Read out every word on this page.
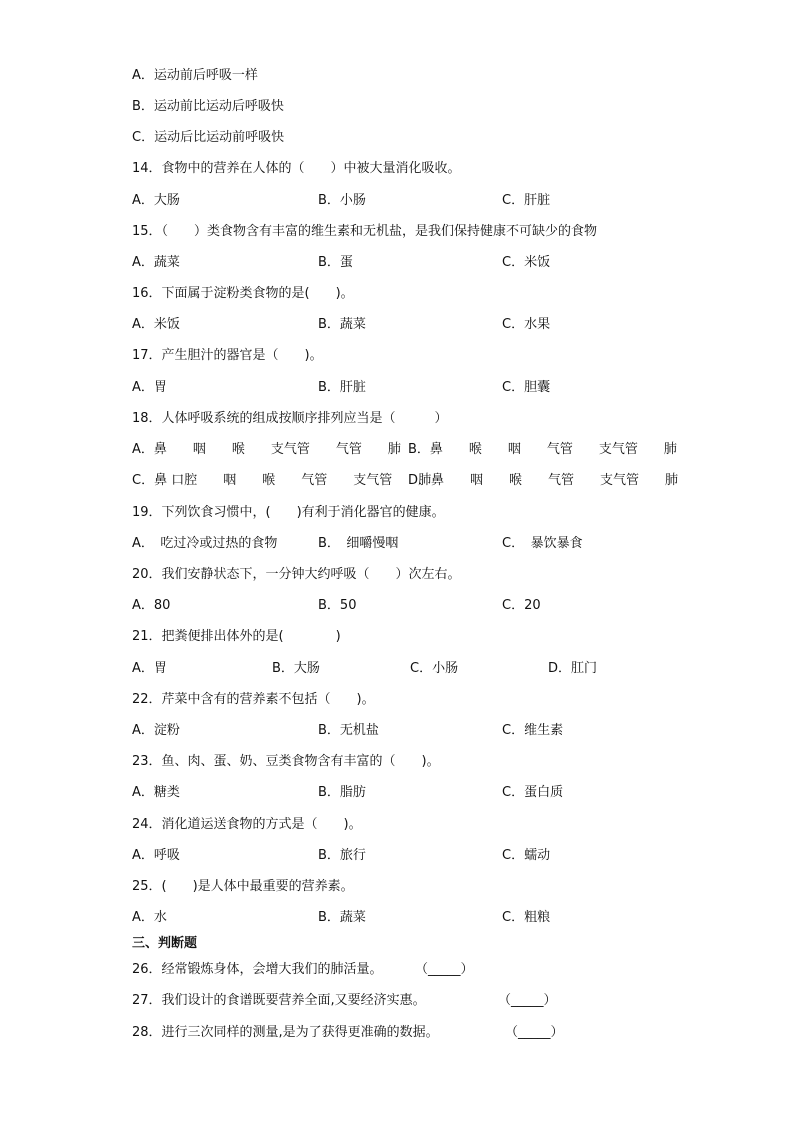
A．运动前后呼吸一样
B．运动前比运动后呼吸快
C．运动后比运动前呼吸快
14．食物中的营养在人体的（　　）中被大量消化吸收。
A．大肠	B．小肠	C．肝脏
15．（　　）类食物含有丰富的维生素和无机盐，是我们保持健康不可缺少的食物
A．蔬菜	B．蛋	C．米饭
16．下面属于淀粉类食物的是(　　)。
A．米饭	B．蔬菜	C．水果
17．产生胆汁的器官是（　　)。
A．胃	B．肝脏	C．胆囊
18．人体呼吸系统的组成按顺序排列应当是（　　　）
A．鼻　　咽　　喉　　支气管　　气管　　肺 B．鼻　　喉　　咽　　气管　　支气管　　肺
C．鼻 口腔　　咽　　喉　　气管　　支气管　　肺
D．鼻　　咽　　喉　　气管　　支气管　　肺
19．下列饮食习惯中，(　　)有利于消化器官的健康。
A．　吃过冷或过热的食物	B．　细嚼慢咽	C．　暴饮暴食
20．我们安静状态下，一分钟大约呼吸（　　）次左右。
A．80	B．50	C．20
21．把粪便排出体外的是(　　　　)
A．胃	B．大肠	C．小肠	D．肛门
22．芹菜中含有的营养素不包括（　　)。
A．淀粉	B．无机盐	C．维生素
23．鱼、肉、蛋、奶、豆类食物含有丰富的（　　)。
A．糖类	B．脂肪	C．蛋白质
24．消化道运送食物的方式是（　　)。
A．呼吸	B．旅行	C．蠕动
25．(　　)是人体中最重要的营养素。
A．水	B．蔬菜	C．粗粮
三、判断题
26．经常锻炼身体，会增大我们的肺活量。 （_____）
27．我们设计的食谱既要营养全面,又要经济实惠。	（_____）
28．进行三次同样的测量,是为了获得更准确的数据。	（_____）
